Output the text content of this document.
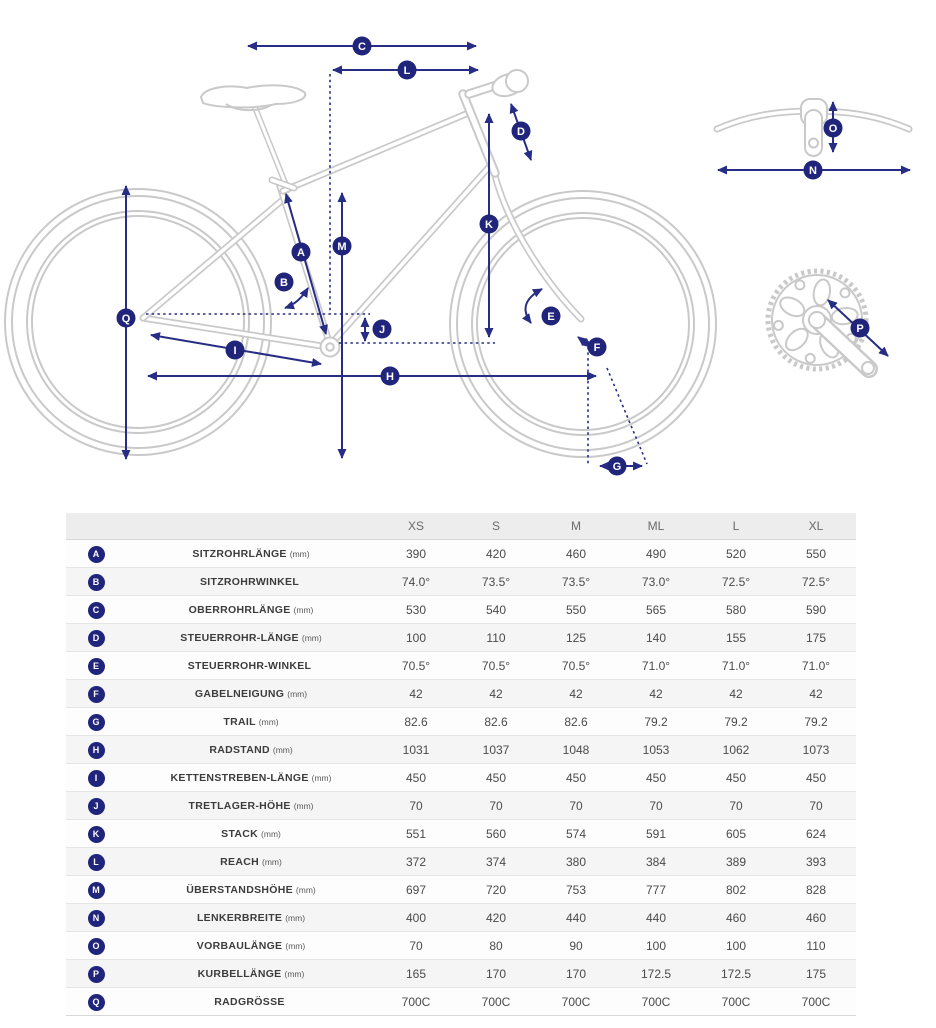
A
B
C
D
E
F
G
H
I
J
K
L
M
N
O
P
Q
		XS	S	M	ML	L	XL
A	SITZROHRLÄNGE (mm)	390	420	460	490	520	550
B	SITZROHRWINKEL	74.0°	73.5°	73.5°	73.0°	72.5°	72.5°
C	OBERROHRLÄNGE (mm)	530	540	550	565	580	590
D	STEUERROHR-LÄNGE (mm)	100	110	125	140	155	175
E	STEUERROHR-WINKEL	70.5°	70.5°	70.5°	71.0°	71.0°	71.0°
F	GABELNEIGUNG (mm)	42	42	42	42	42	42
G	TRAIL (mm)	82.6	82.6	82.6	79.2	79.2	79.2
H	RADSTAND (mm)	1031	1037	1048	1053	1062	1073
I	KETTENSTREBEN-LÄNGE (mm)	450	450	450	450	450	450
J	TRETLAGER-HÖHE (mm)	70	70	70	70	70	70
K	STACK (mm)	551	560	574	591	605	624
L	REACH (mm)	372	374	380	384	389	393
M	ÜBERSTANDSHÖHE (mm)	697	720	753	777	802	828
N	LENKERBREITE (mm)	400	420	440	440	460	460
O	VORBAULÄNGE (mm)	70	80	90	100	100	110
P	KURBELLÄNGE (mm)	165	170	170	172.5	172.5	175
Q	RADGRÖSSE	700C	700C	700C	700C	700C	700C
